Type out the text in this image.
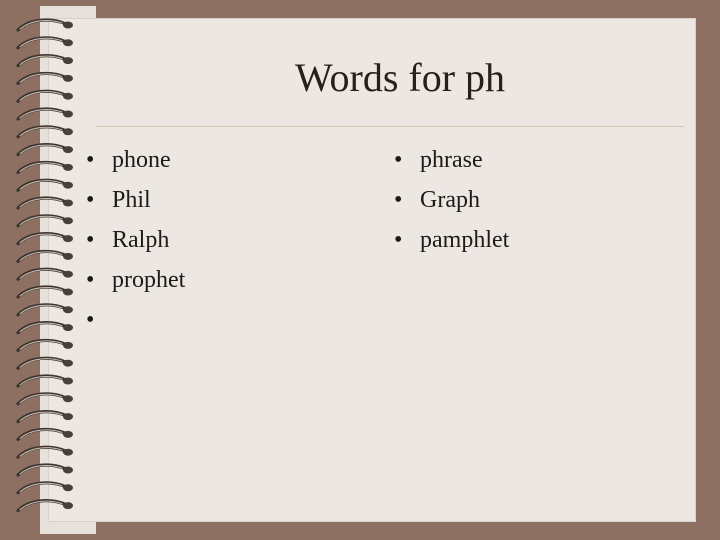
Words for ph
• phone
• Phil
• Ralph
• prophet
•
• phrase
• Graph
• pamphlet
